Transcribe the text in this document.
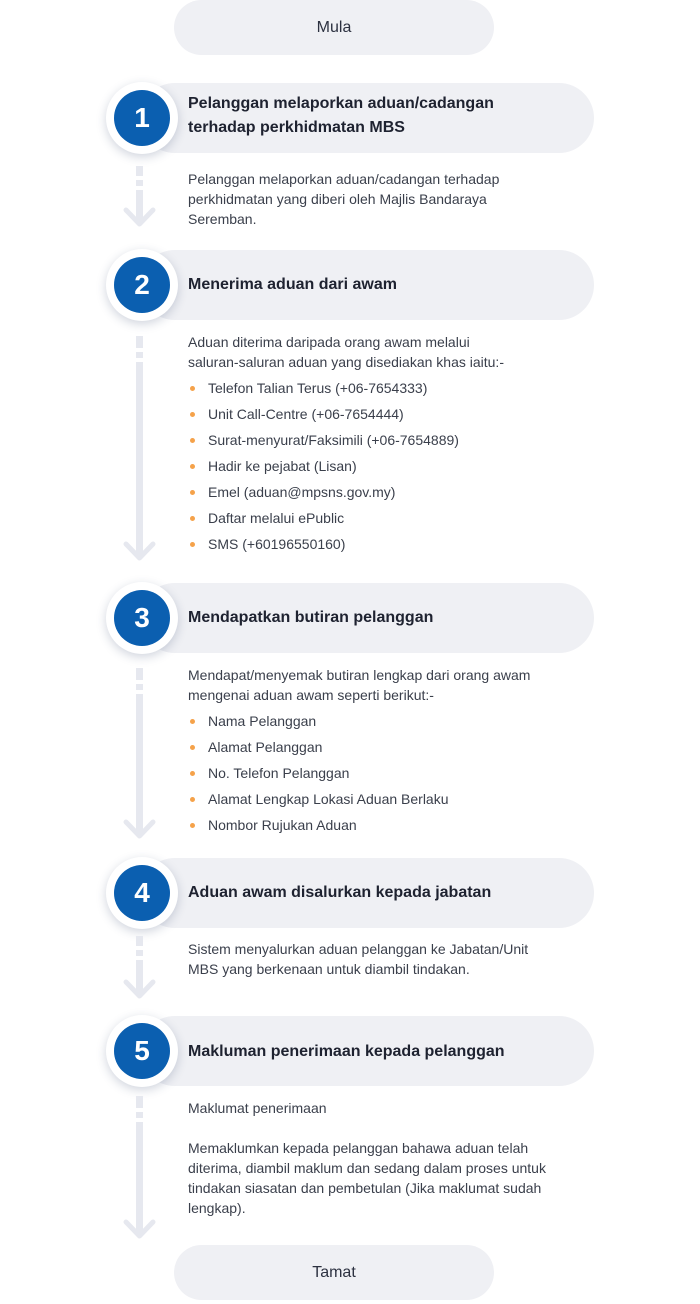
Mula
1 Pelanggan melaporkan aduan/cadangan
terhadap perkhidmatan MBS
Pelanggan melaporkan aduan/cadangan terhadap
perkhidmatan yang diberi oleh Majlis Bandaraya
Seremban.
2 Menerima aduan dari awam
Aduan diterima daripada orang awam melalui
saluran-saluran aduan yang disediakan khas iaitu:-
Telefon Talian Terus (+06-7654333)
Unit Call-Centre (+06-7654444)
Surat-menyurat/Faksimili (+06-7654889)
Hadir ke pejabat (Lisan)
Emel (aduan@mpsns.gov.my)
Daftar melalui ePublic
SMS (+60196550160)
3 Mendapatkan butiran pelanggan
Mendapat/menyemak butiran lengkap dari orang awam
mengenai aduan awam seperti berikut:-
Nama Pelanggan
Alamat Pelanggan
No. Telefon Pelanggan
Alamat Lengkap Lokasi Aduan Berlaku
Nombor Rujukan Aduan
4 Aduan awam disalurkan kepada jabatan
Sistem menyalurkan aduan pelanggan ke Jabatan/Unit
MBS yang berkenaan untuk diambil tindakan.
5 Makluman penerimaan kepada pelanggan
Maklumat penerimaan
Memaklumkan kepada pelanggan bahawa aduan telah
diterima, diambil maklum dan sedang dalam proses untuk
tindakan siasatan dan pembetulan (Jika maklumat sudah
lengkap).
Tamat
